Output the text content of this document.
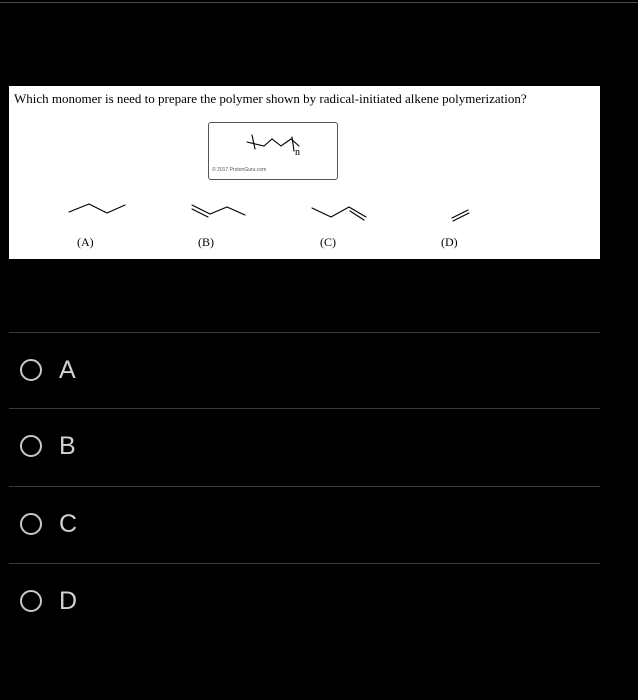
Which monomer is need to prepare the polymer shown by radical-initiated alkene polymerization?
n
© 2017 ProtonGuru.com
(A)	(B)	(C)	(D)
A
B
C
D
